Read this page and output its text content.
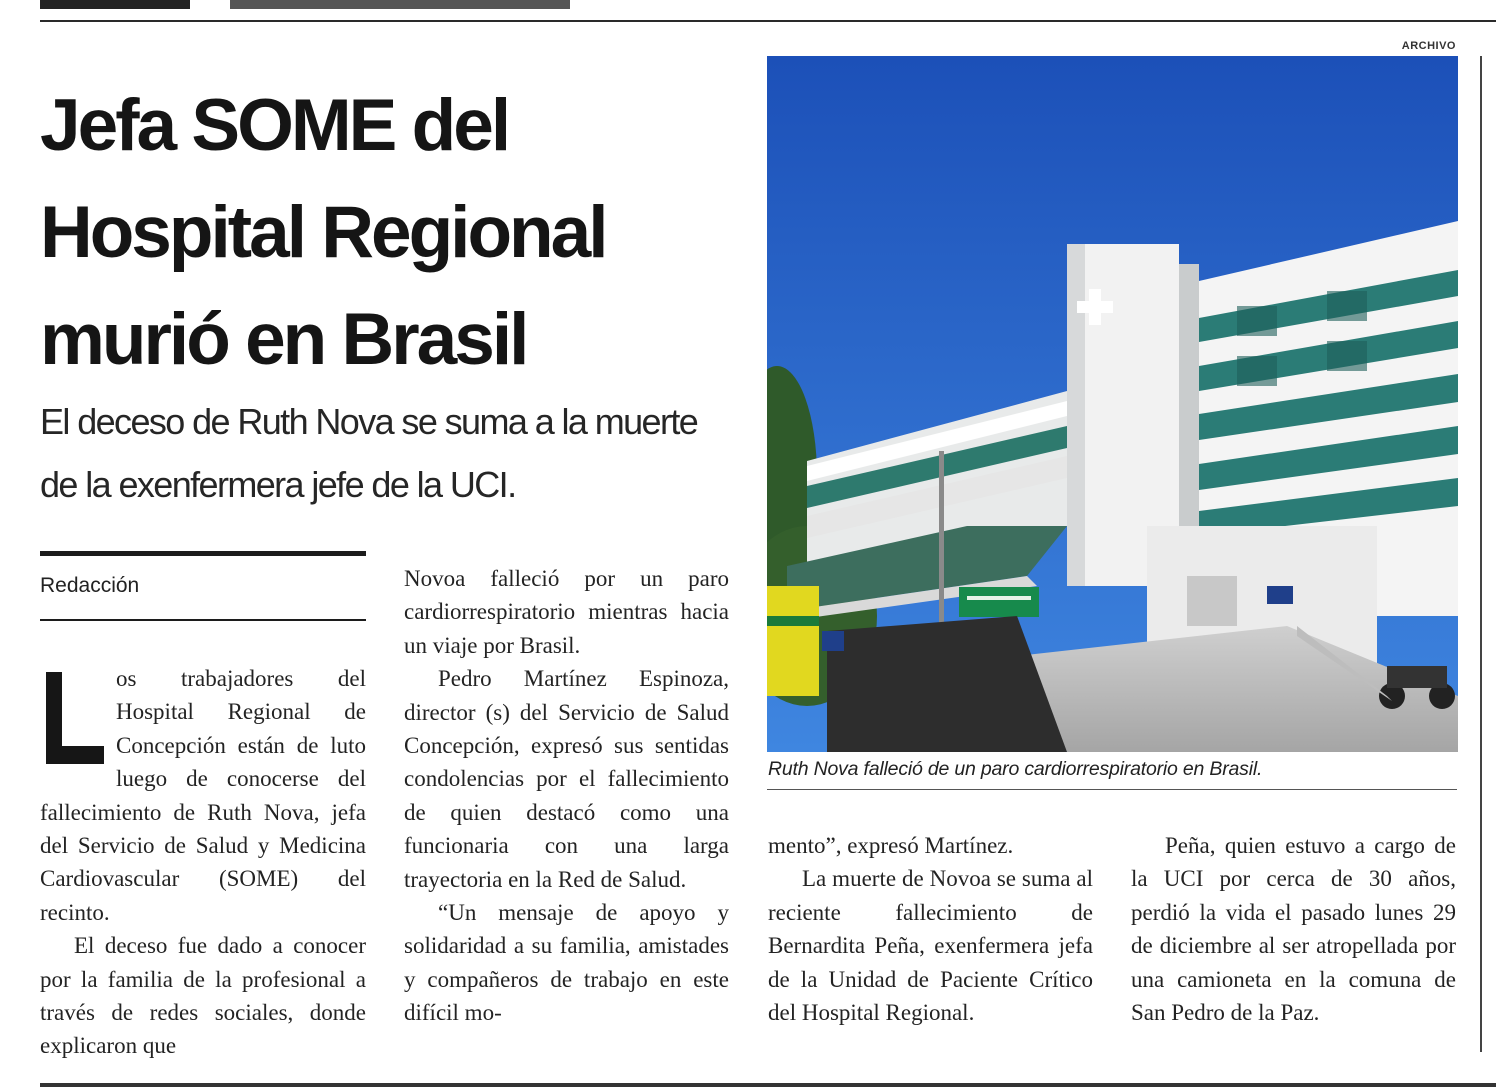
Jefa SOME del Hospital Regional murió en Brasil

El deceso de Ruth Nova se suma a la muerte de la exenfermera jefe de la UCI.

Redacción

os trabajadores del Hospital Regional de Concepción están de luto luego de conocerse del fallecimiento de Ruth Nova, jefa del Servicio de Salud y Medicina Cardiovascular (SOME) del recinto.

El deceso fue dado a conocer por la familia de la profesional a través de redes sociales, donde explicaron que

Novoa falleció por un paro cardiorrespiratorio mientras hacia un viaje por Brasil.

Pedro Martínez Espinoza, director (s) del Servicio de Salud Concepción, expresó sus sentidas condolencias por el fallecimiento de quien destacó como una funcionaria con una larga trayectoria en la Red de Salud.

“Un mensaje de apoyo y solidaridad a su familia, amistades y compañeros de trabajo en este difícil mo-

ARCHIVO

Ruth Nova falleció de un paro cardiorrespiratorio en Brasil.

mento”, expresó Martínez.

La muerte de Novoa se suma al reciente fallecimiento de Bernardita Peña, exenfermera jefa de la Unidad de Paciente Crítico del Hospital Regional.

Peña, quien estuvo a cargo de la UCI por cerca de 30 años, perdió la vida el pasado lunes 29 de diciembre al ser atropellada por una camioneta en la comuna de San Pedro de la Paz.
